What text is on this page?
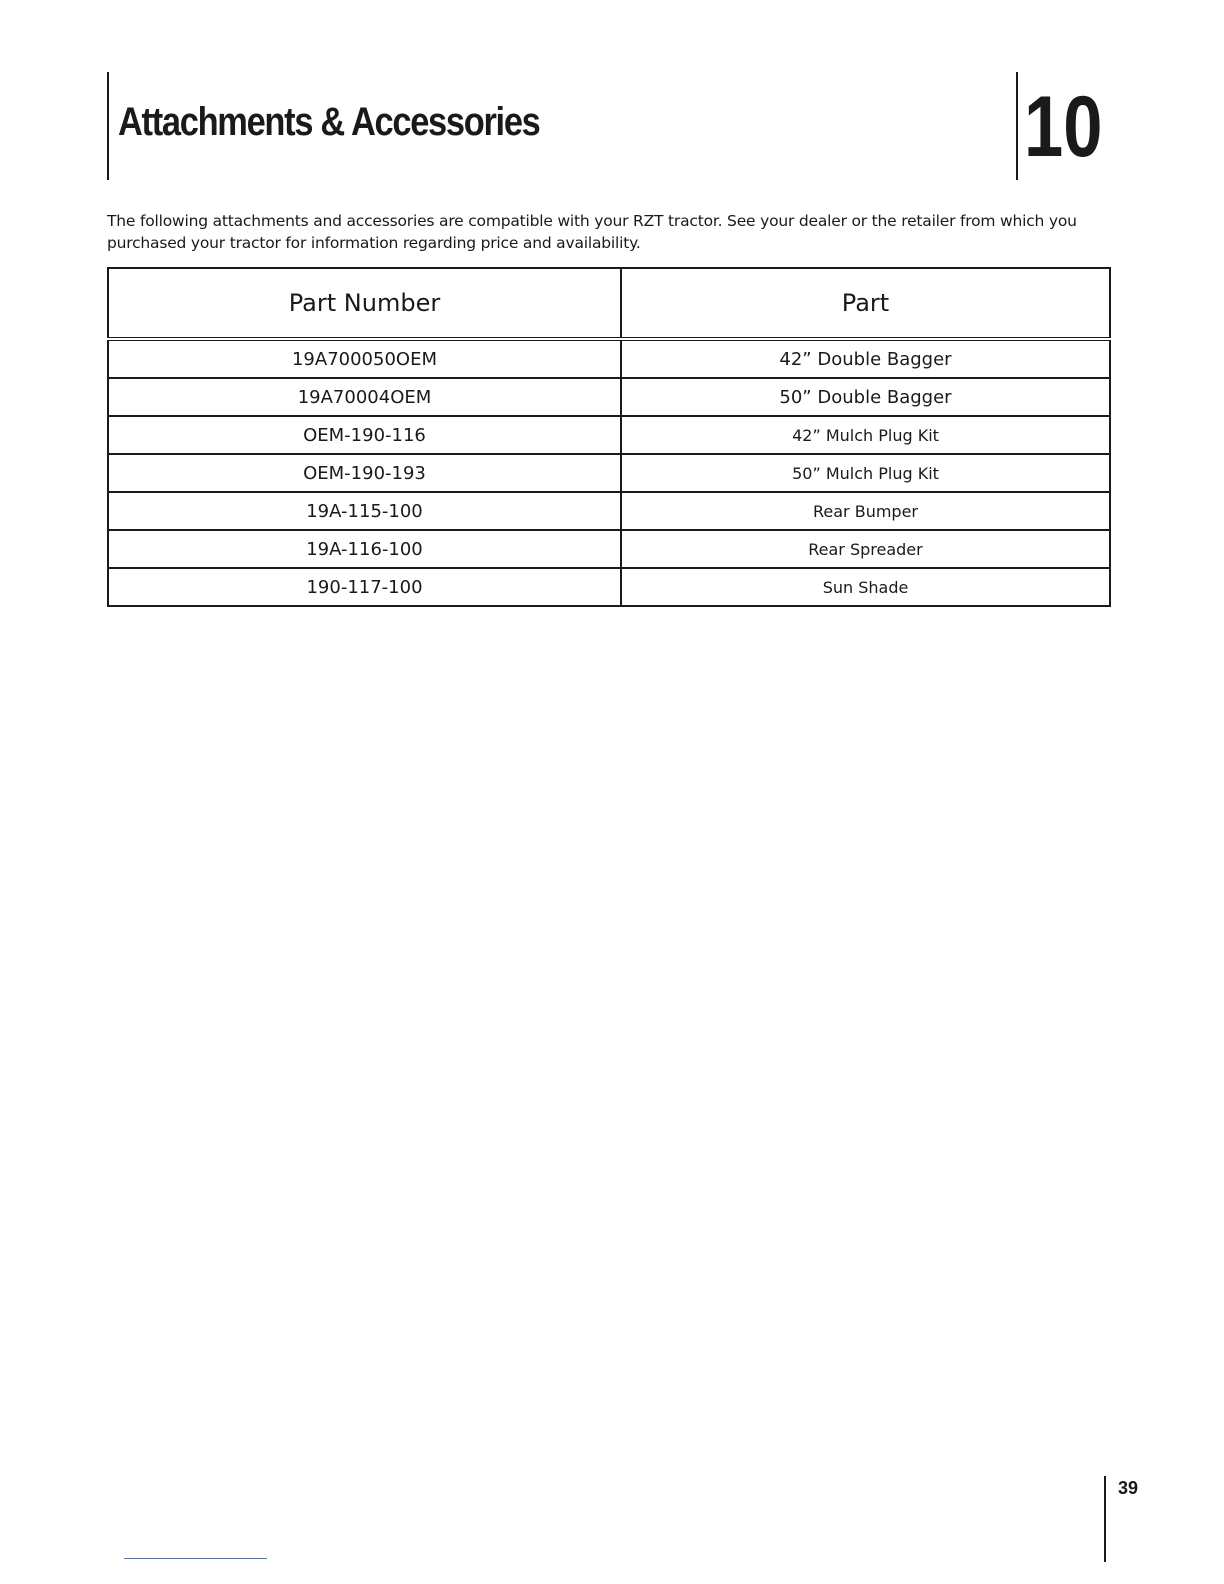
Attachments & Accessories	10

The following attachments and accessories are compatible with your RZT tractor. See your dealer or the retailer from which you purchased your tractor for information regarding price and availability.

Part Number	Part
19A700050OEM	42” Double Bagger
19A70004OEM	50” Double Bagger
OEM-190-116	42” Mulch Plug Kit
OEM-190-193	50” Mulch Plug Kit
19A-115-100	Rear Bumper
19A-116-100	Rear Spreader
190-117-100	Sun Shade
39
